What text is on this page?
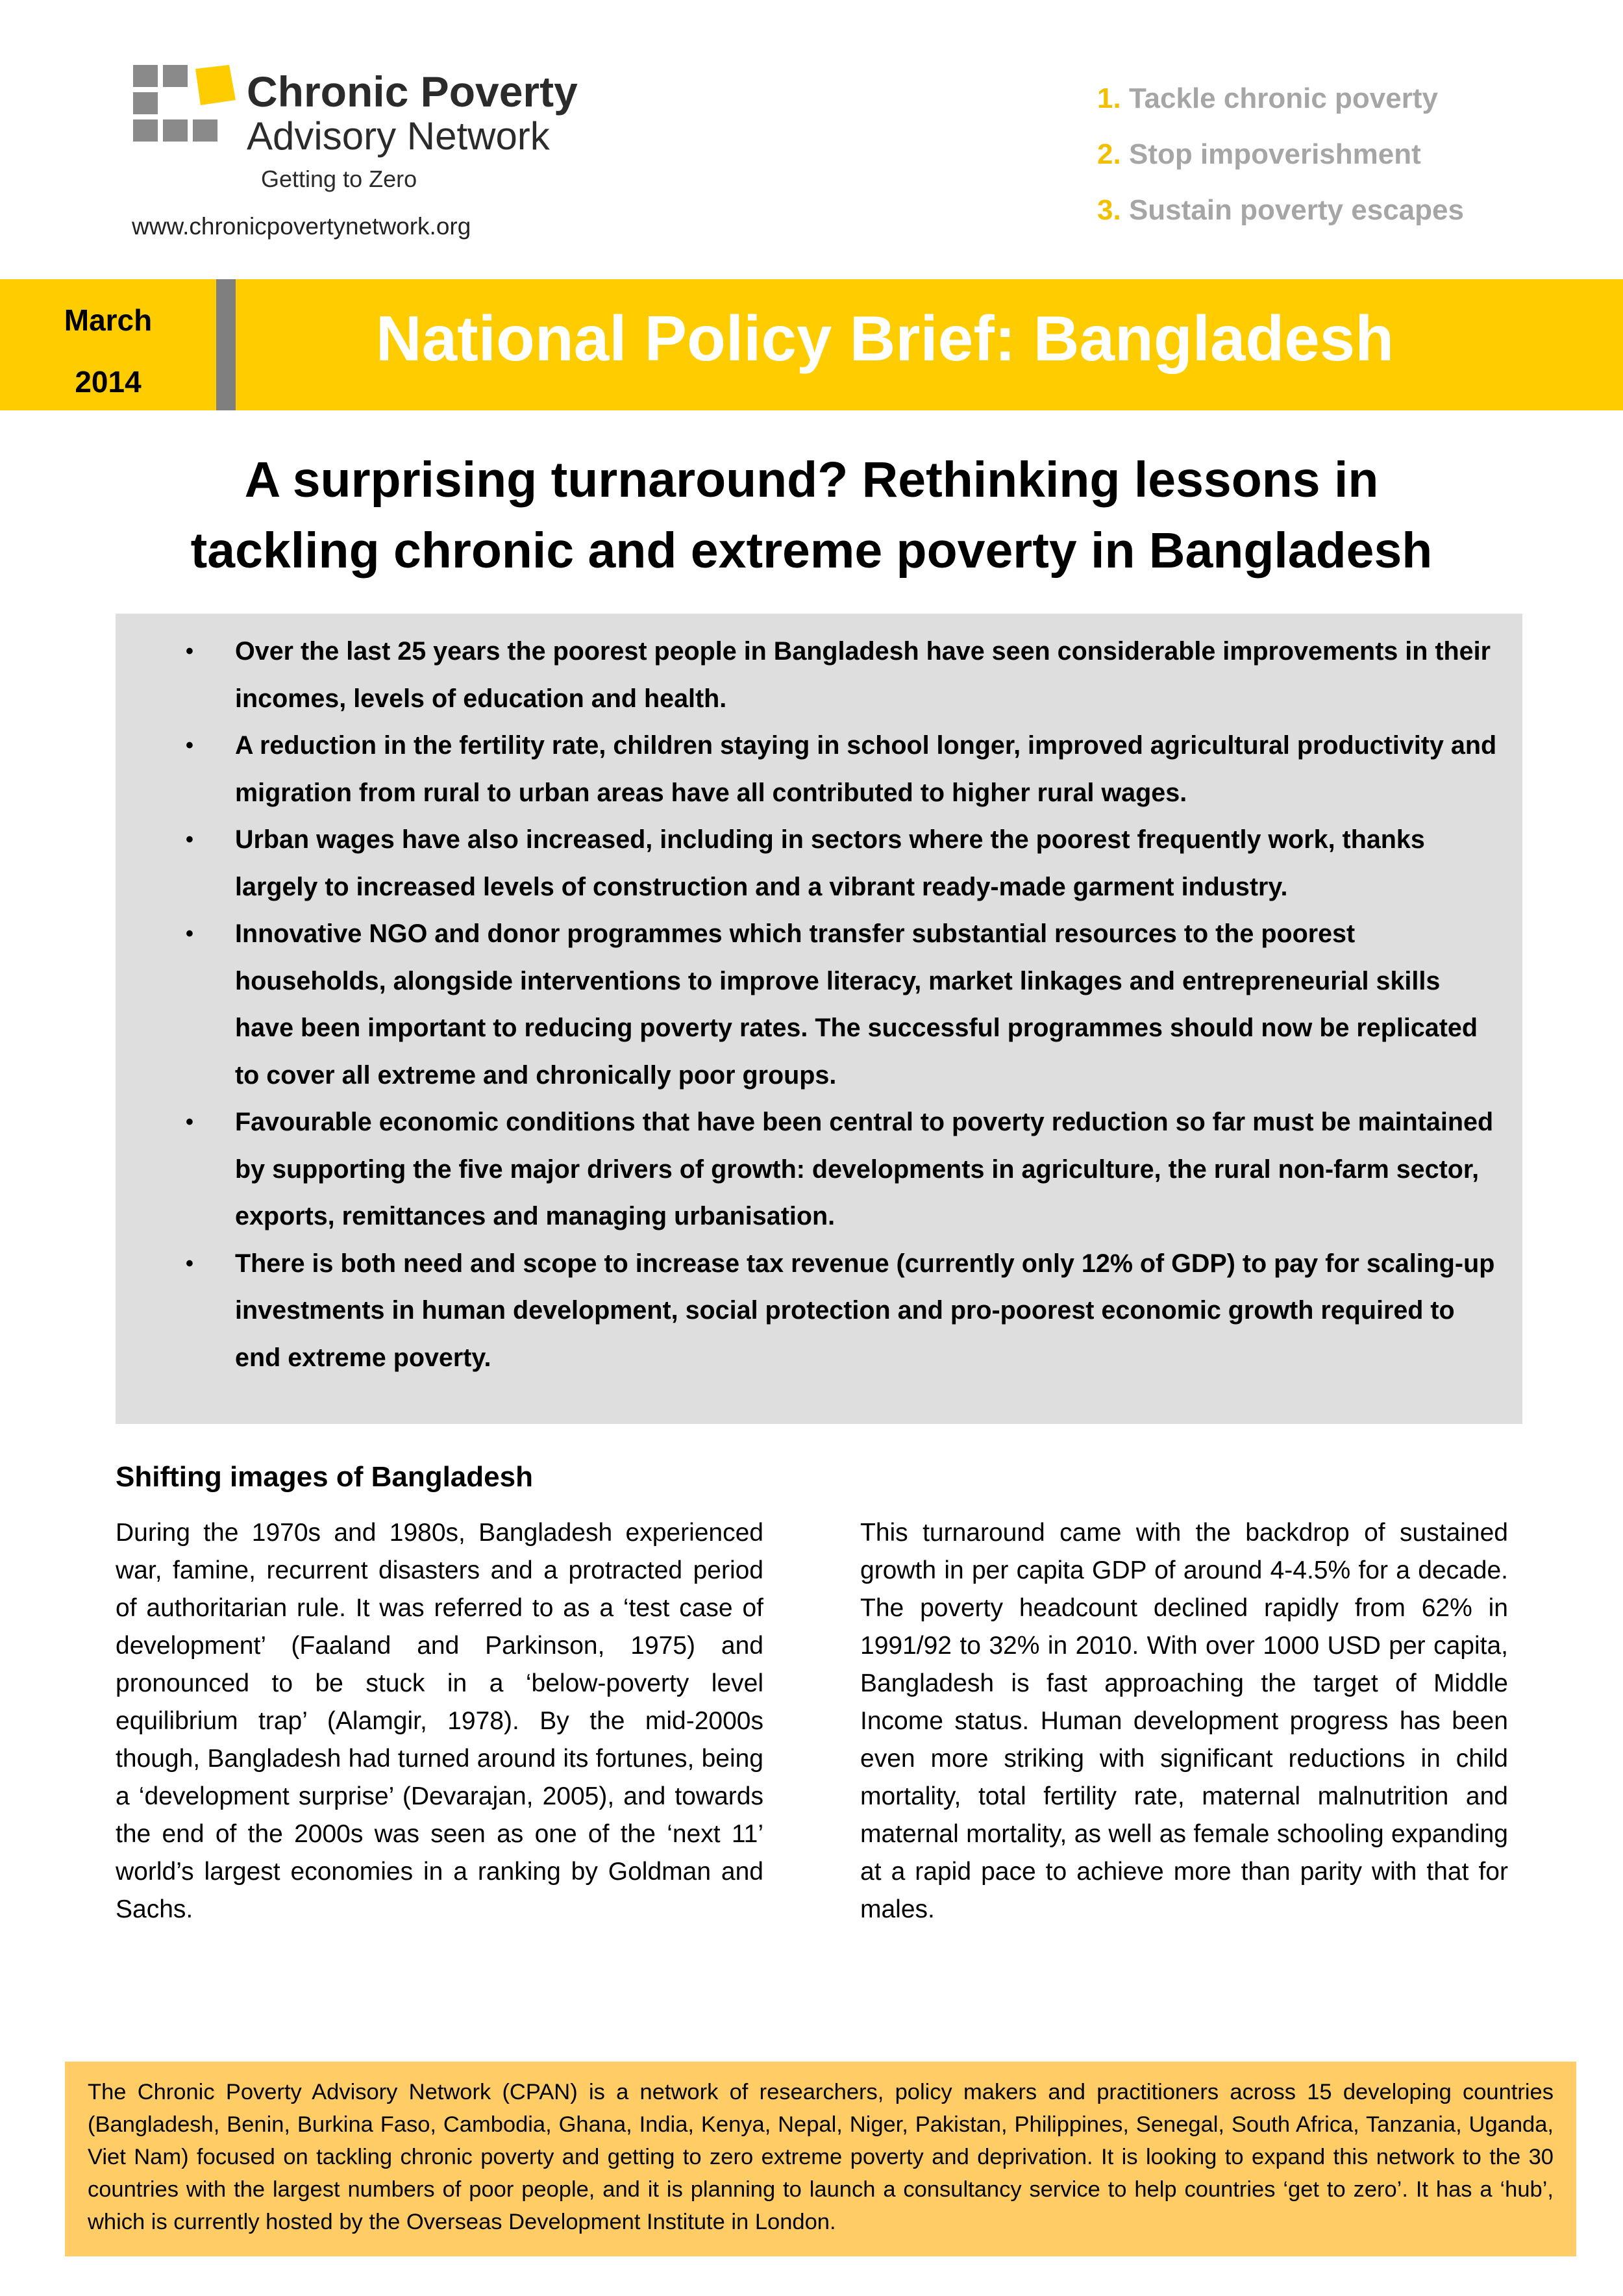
Chronic Poverty
Advisory Network
Getting to Zero
www.chronicpovertynetwork.org
1. Tackle chronic poverty
2. Stop impoverishment
3. Sustain poverty escapes
March
2014
National Policy Brief: Bangladesh
A surprising turnaround? Rethinking lessons in
tackling chronic and extreme poverty in Bangladesh
• Over the last 25 years the poorest people in Bangladesh have seen considerable improvements in their incomes, levels of education and health.
• A reduction in the fertility rate, children staying in school longer, improved agricultural productivity and migration from rural to urban areas have all contributed to higher rural wages.
• Urban wages have also increased, including in sectors where the poorest frequently work, thanks largely to increased levels of construction and a vibrant ready-made garment industry.
• Innovative NGO and donor programmes which transfer substantial resources to the poorest households, alongside interventions to improve literacy, market linkages and entrepreneurial skills have been important to reducing poverty rates. The successful programmes should now be replicated to cover all extreme and chronically poor groups.
• Favourable economic conditions that have been central to poverty reduction so far must be maintained by supporting the five major drivers of growth: developments in agriculture, the rural non-farm sector, exports, remittances and managing urbanisation.
• There is both need and scope to increase tax revenue (currently only 12% of GDP) to pay for scaling-up investments in human development, social protection and pro-poorest economic growth required to end extreme poverty.
Shifting images of Bangladesh

During the 1970s and 1980s, Bangladesh experienced war, famine, recurrent disasters and a protracted period of authoritarian rule. It was referred to as a ‘test case of development’ (Faaland and Parkinson, 1975) and pronounced to be stuck in a ‘below-poverty level equilibrium trap’ (Alamgir, 1978). By the mid-2000s though, Bangladesh had turned around its fortunes, being a ‘development surprise’ (Devarajan, 2005), and towards the end of the 2000s was seen as one of the ‘next 11’ world’s largest economies in a ranking by Goldman and Sachs.

This turnaround came with the backdrop of sustained growth in per capita GDP of around 4-4.5% for a decade. The poverty headcount declined rapidly from 62% in 1991/92 to 32% in 2010. With over 1000 USD per capita, Bangladesh is fast approaching the target of Middle Income status. Human development progress has been even more striking with significant reductions in child mortality, total fertility rate, maternal malnutrition and maternal mortality, as well as female schooling expanding at a rapid pace to achieve more than parity with that for males.

The Chronic Poverty Advisory Network (CPAN) is a network of researchers, policy makers and practitioners across 15 developing countries (Bangladesh, Benin, Burkina Faso, Cambodia, Ghana, India, Kenya, Nepal, Niger, Pakistan, Philippines, Senegal, South Africa, Tanzania, Uganda, Viet Nam) focused on tackling chronic poverty and getting to zero extreme poverty and deprivation. It is looking to expand this network to the 30 countries with the largest numbers of poor people, and it is planning to launch a consultancy service to help countries ‘get to zero’. It has a ‘hub’, which is currently hosted by the Overseas Development Institute in London.
